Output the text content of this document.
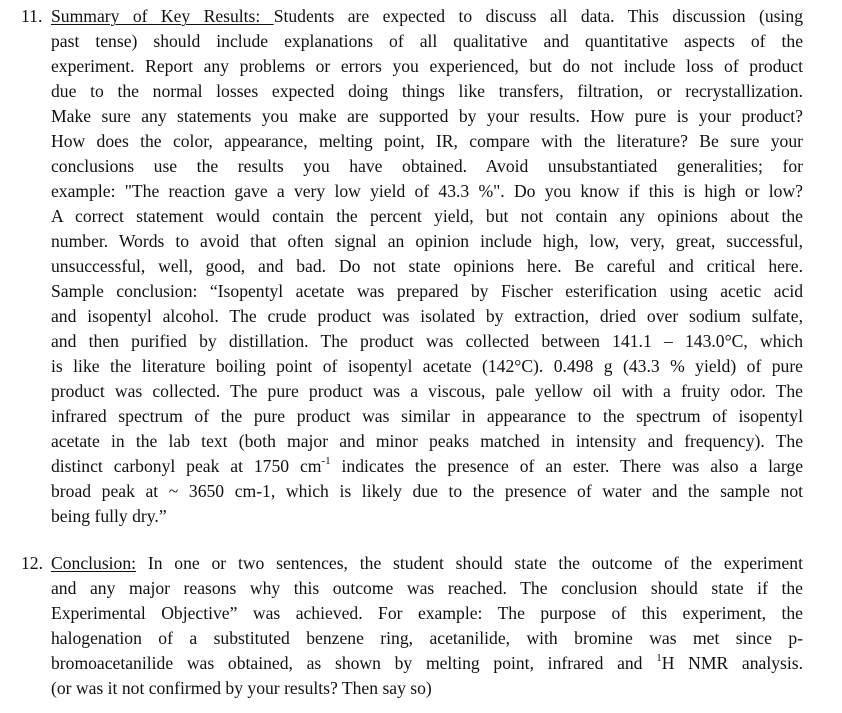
11. Summary of Key Results: Students are expected to discuss all data. This discussion (using
past tense) should include explanations of all qualitative and quantitative aspects of the
experiment. Report any problems or errors you experienced, but do not include loss of product
due to the normal losses expected doing things like transfers, filtration, or recrystallization.
Make sure any statements you make are supported by your results. How pure is your product?
How does the color, appearance, melting point, IR, compare with the literature? Be sure your
conclusions use the results you have obtained. Avoid unsubstantiated generalities; for
example: "The reaction gave a very low yield of 43.3 %". Do you know if this is high or low?
A correct statement would contain the percent yield, but not contain any opinions about the
number. Words to avoid that often signal an opinion include high, low, very, great, successful,
unsuccessful, well, good, and bad. Do not state opinions here. Be careful and critical here.
Sample conclusion: “Isopentyl acetate was prepared by Fischer esterification using acetic acid
and isopentyl alcohol. The crude product was isolated by extraction, dried over sodium sulfate,
and then purified by distillation. The product was collected between 141.1 – 143.0°C, which
is like the literature boiling point of isopentyl acetate (142°C). 0.498 g (43.3 % yield) of pure
product was collected. The pure product was a viscous, pale yellow oil with a fruity odor. The
infrared spectrum of the pure product was similar in appearance to the spectrum of isopentyl
acetate in the lab text (both major and minor peaks matched in intensity and frequency). The
distinct carbonyl peak at 1750 $cm^{-1}$ indicates the presence of an ester. There was also a large
broad peak at ~ 3650 cm-1, which is likely due to the presence of water and the sample not
being fully dry.”
12. Conclusion: In one or two sentences, the student should state the outcome of the experiment
and any major reasons why this outcome was reached. The conclusion should state if the
Experimental Objective” was achieved. For example: The purpose of this experiment, the
halogenation of a substituted benzene ring, acetanilide, with bromine was met since p-
bromoacetanilide was obtained, as shown by melting point, infrared and $^1$H NMR analysis.
(or was it not confirmed by your results? Then say so)
